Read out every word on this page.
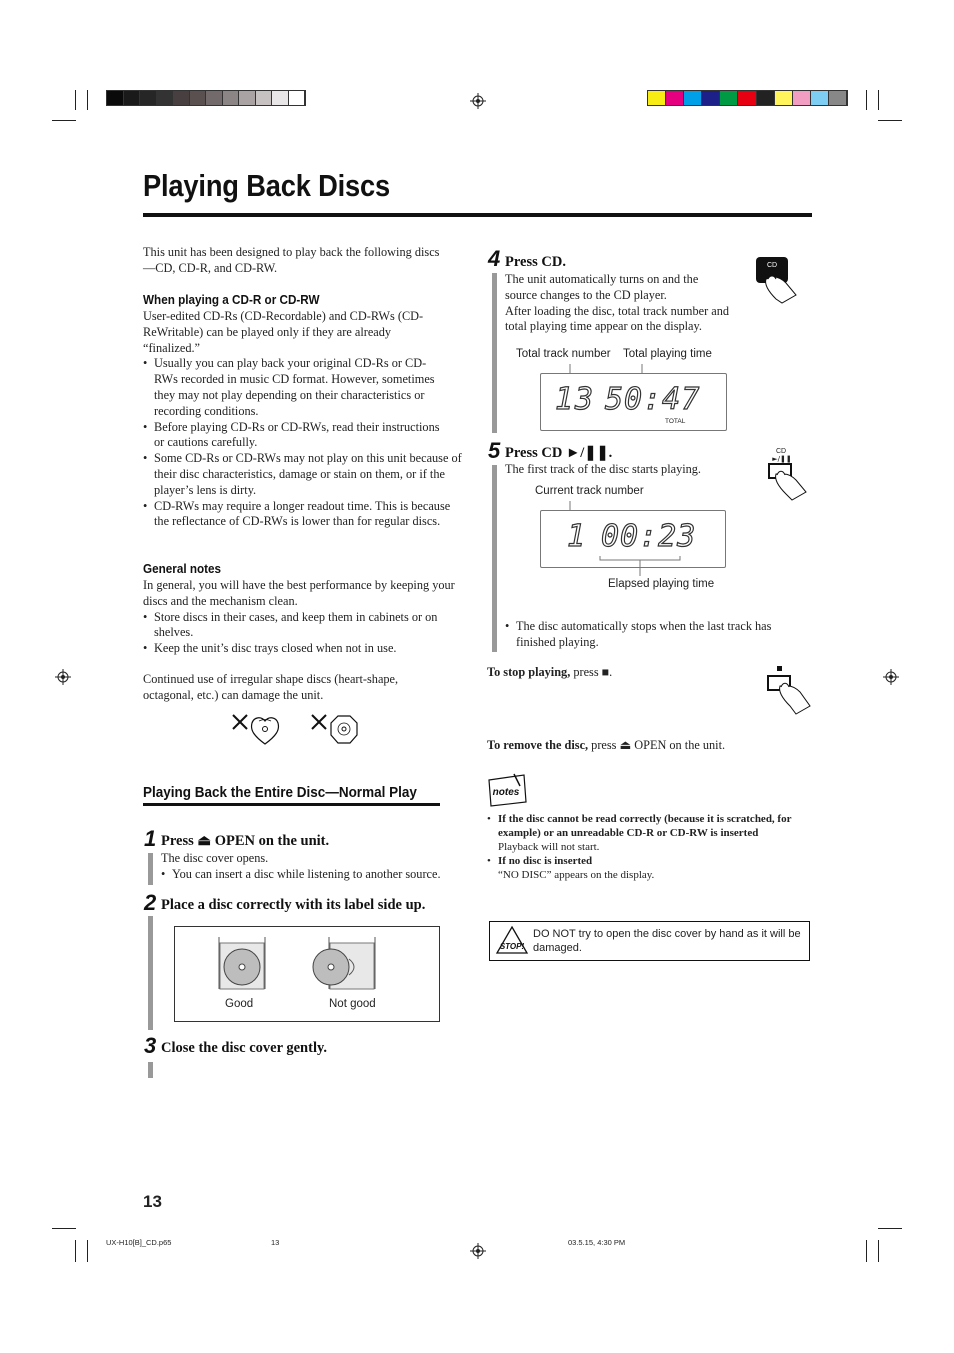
Playing Back Discs
This unit has been designed to play back the following discs—CD, CD-R, and CD-RW.
When playing a CD-R or CD-RW
User-edited CD-Rs (CD-Recordable) and CD-RWs (CD-ReWritable) can be played only if they are already “finalized.”
• Usually you can play back your original CD-Rs or CD-RWs recorded in music CD format. However, sometimes they may not play depending on their characteristics or recording conditions.
• Before playing CD-Rs or CD-RWs, read their instructions or cautions carefully.
• Some CD-Rs or CD-RWs may not play on this unit because of their disc characteristics, damage or stain on them, or if the player’s lens is dirty.
• CD-RWs may require a longer readout time. This is because the reflectance of CD-RWs is lower than for regular discs.
General notes
In general, you will have the best performance by keeping your discs and the mechanism clean.
• Store discs in their cases, and keep them in cabinets or on shelves.
• Keep the unit’s disc trays closed when not in use.
Continued use of irregular shape discs (heart-shape, octagonal, etc.) can damage the unit.
Playing Back the Entire Disc—Normal Play
1 Press ⏏ OPEN on the unit.
The disc cover opens.
• You can insert a disc while listening to another source.
2 Place a disc correctly with its label side up.
Good	Not good
3 Close the disc cover gently.
4 Press CD.
The unit automatically turns on and the source changes to the CD player.
After loading the disc, total track number and total playing time appear on the display.
CD
Total track number Total playing time
13 50:47
TOTAL
5 Press CD ►/❚❚.
The first track of the disc starts playing.
CD
►/❚❚
Current track number
1 00:23
Elapsed playing time
• The disc automatically stops when the last track has finished playing.
To stop playing, press ■.
To remove the disc, press ⏏ OPEN on the unit.
notes
• If the disc cannot be read correctly (because it is scratched, for example) or an unreadable CD-R or CD-RW is inserted
Playback will not start.
• If no disc is inserted
“NO DISC” appears on the display.
STOP!
DO NOT try to open the disc cover by hand as it will be damaged.
13
UX-H10[B]_CD.p65	13	03.5.15, 4:30 PM
